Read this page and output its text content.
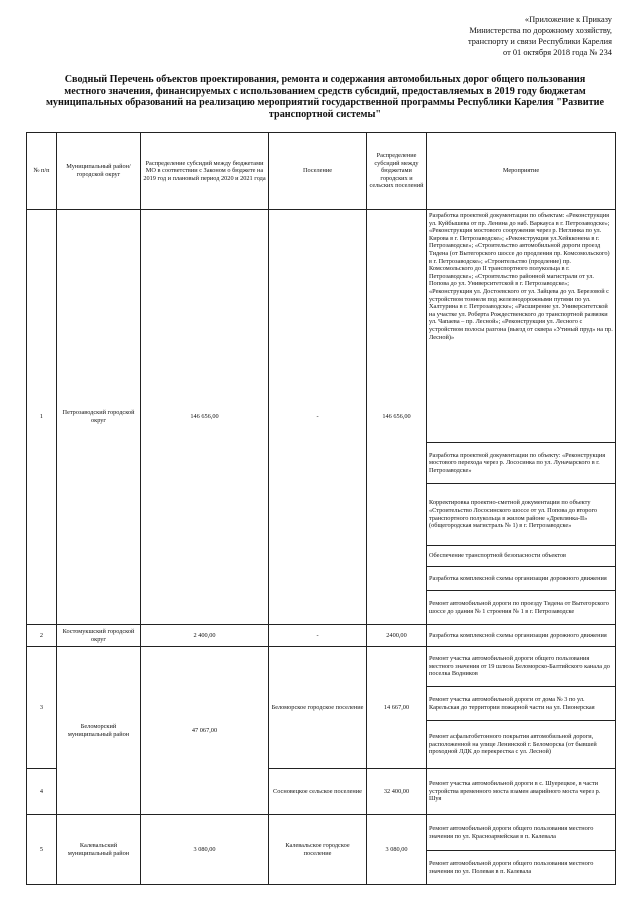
«Приложение к Приказу
Министерства по дорожному хозяйству,
транспорту и связи Республики Карелия
от 01 октября 2018 года № 234
Сводный Перечень объектов проектирования, ремонта и содержания автомобильных дорог общего пользования
местного значения, финансируемых с использованием средств субсидий, предоставляемых в 2019 году бюджетам
муниципальных образований на реализацию мероприятий государственной программы Республики Карелия "Развитие
транспортной системы"
№ п/п	Муниципальный район/городской округ	Распределение субсидий между бюджетами МО в соответствии с Законом о бюджете на 2019 год и плановый период 2020 и 2021 года	Поселение	Распределение субсидий между бюджетами городских и сельских поселений	Мероприятие
1	Петрозаводский городской округ	146 656,00	-	146 656,00	Разработка проектной документации по объектам: «Реконструкция ул. Куйбышева от пр. Ленина до наб. Варкауса в г. Петрозаводске»; «Реконструкция мостового сооружения через р. Неглинка по ул. Кирова в г. Петрозаводске»; «Реконструкция ул.Хейкконена в г. Петрозаводске»; «Строительство автомобильной дороги проезд Тидена (от Вытегорского шоссе до продления пр. Комсомольского) в г. Петрозаводске»; «Строительство (продление) пр. Комсомольского до II транспортного полукольца в г. Петрозаводске»; «Строительство районной магистрали от ул. Попова до ул. Университетской в г. Петрозаводске»; «Реконструкция ул. Достоевского от ул. Зайцева до ул. Березовой с устройством тоннеля под железнодорожными путями по ул. Халтурина в г. Петрозаводске»; «Расширение ул. Университетской на участке ул. Роберта Рождественского до транспортной развязки ул. Чапаева – пр. Лесной»; «Реконструкция ул. Лесного с устройством полосы разгона (выезд от сквера «Утиный пруд» на пр. Лесной)»
					Разработка проектной документации по объекту: «Реконструкция мостового перехода через р. Лососинка по ул. Луначарского в г. Петрозаводске»
					Корректировка проектно-сметной документации по объекту «Строительство Лососинского шоссе от ул. Попова до второго транспортного полукольца в жилом районе «Древлянка-II» (общегородская магистраль № 1) в г. Петрозаводске»
					Обеспечение транспортной безопасности объектов
					Разработка комплексной схемы организации дорожного движения
					Ремонт автомобильной дороги по проезду Тидена от Вытегорского шоссе до здания № 1 строения № 1 в г. Петрозаводске
2	Костомукшский городской округ	2 400,00	-	2400,00	Разработка комплексной схемы организации дорожного движения
3	Беломорский муниципальный район	47 067,00	Беломорское городское поселение	14 667,00	Ремонт участка автомобильной дороги общего пользования местного значения от 19 шлюза Беломорско-Балтийского канала до поселка Водников
					Ремонт участка автомобильной дороги от дома № 3 по ул. Карельская до территории пожарной части на ул. Пионерская
					Ремонт асфальтобетонного покрытия автомобильной дороги, расположенной на улице Ленинской г. Беломорска (от бывшей проходной ЛДК до перекрестка с ул. Лесной)
4			Сосновецкое сельское поселение	32 400,00	Ремонт участка автомобильной дороги в с. Шуерецкое, в части устройства временного моста взамен аварийного моста через р. Шуя
5	Калевальский муниципальный район	3 080,00	Калевальское городское поселение	3 080,00	Ремонт автомобильной дороги общего пользования местного значения по ул. Красноармейская в п. Калевала
					Ремонт автомобильной дороги общего пользования местного значения по ул. Полевая в п. Калевала
